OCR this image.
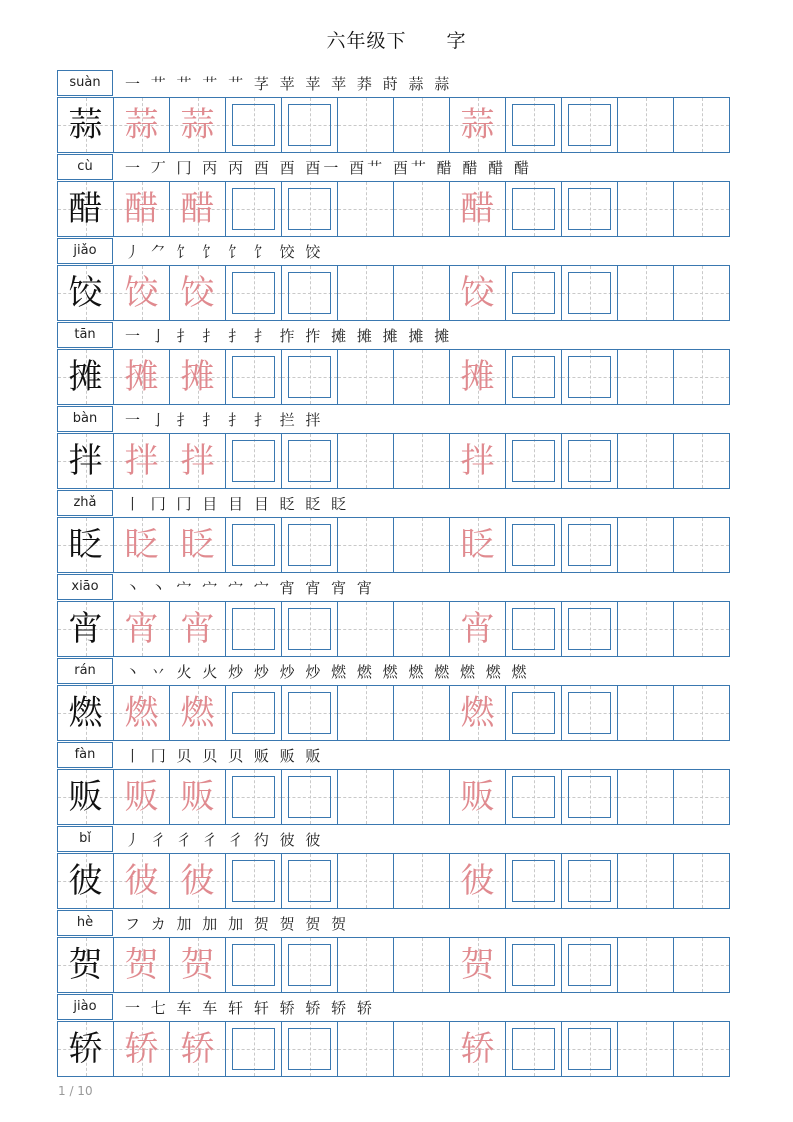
六年级下　　字
suàn	一 艹 艹 艹 艹 芓 苹 苹 苹 莽 莳 蒜 蒜
蒜 蒜 蒜	蒜
cù	一 丆 冂 丙 丙 酉 酉 酉一 酉艹 酉艹 醋 醋 醋 醋
醋 醋 醋	醋
jiǎo	丿 ⺈ 饣 饣 饣 饣 饺 饺
饺 饺 饺	饺
tān	一 亅 扌 扌 扌 扌 拃 拃 摊 摊 摊 摊 摊
摊 摊 摊	摊
bàn	一 亅 扌 扌 扌 扌 拦 拌
拌 拌 拌	拌
zhǎ	丨 冂 冂 目 目 目 眨 眨 眨
眨 眨 眨	眨
xiāo	丶 丶 宀 宀 宀 宀 宵 宵 宵 宵
宵 宵 宵	宵
rán	丶 丷 火 火 炒 炒 炒 炒 燃 燃 燃 燃 燃 燃 燃 燃
燃 燃 燃	燃
fàn	丨 冂 贝 贝 贝 贩 贩 贩
贩 贩 贩	贩
bǐ	丿 彳 彳 彳 彳 彴 彼 彼
彼 彼 彼	彼
hè	フ カ 加 加 加 贺 贺 贺 贺
贺 贺 贺	贺
jiào	一 七 车 车 轩 轩 轿 轿 轿 轿
轿 轿 轿	轿
1 / 10
